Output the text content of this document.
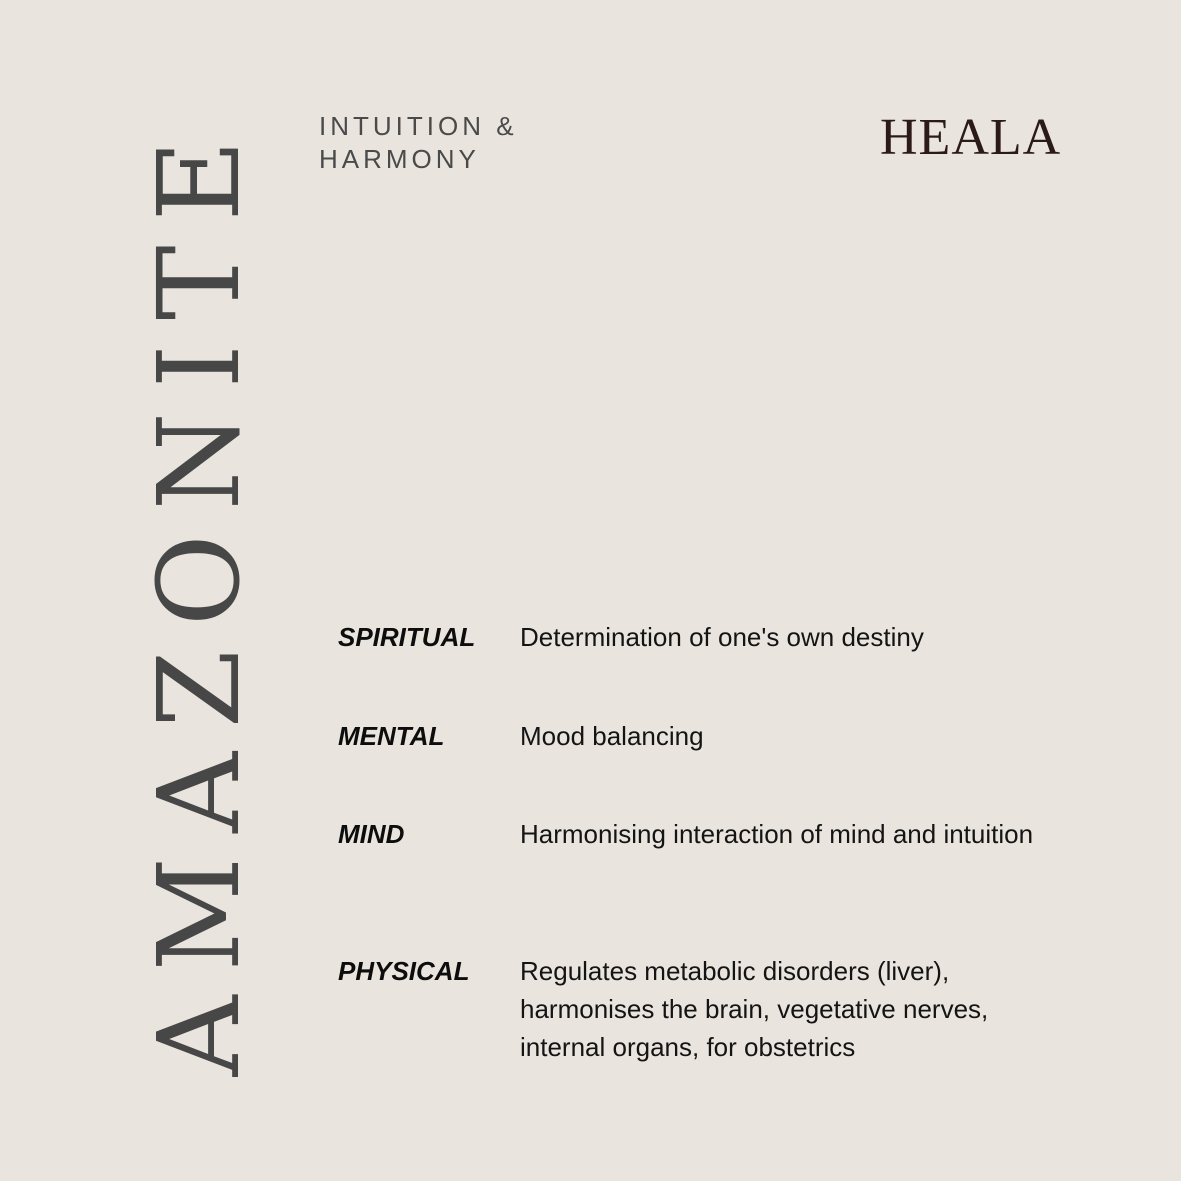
AMAZONITE INTUITION &
HARMONY	HEALA
SPIRITUAL Determination of one's own destiny
MENTAL	Mood balancing
MIND	Harmonising interaction of mind and intuition
PHYSICAL Regulates metabolic disorders (liver), harmonises the brain, vegetative nerves, internal organs, for obstetrics
